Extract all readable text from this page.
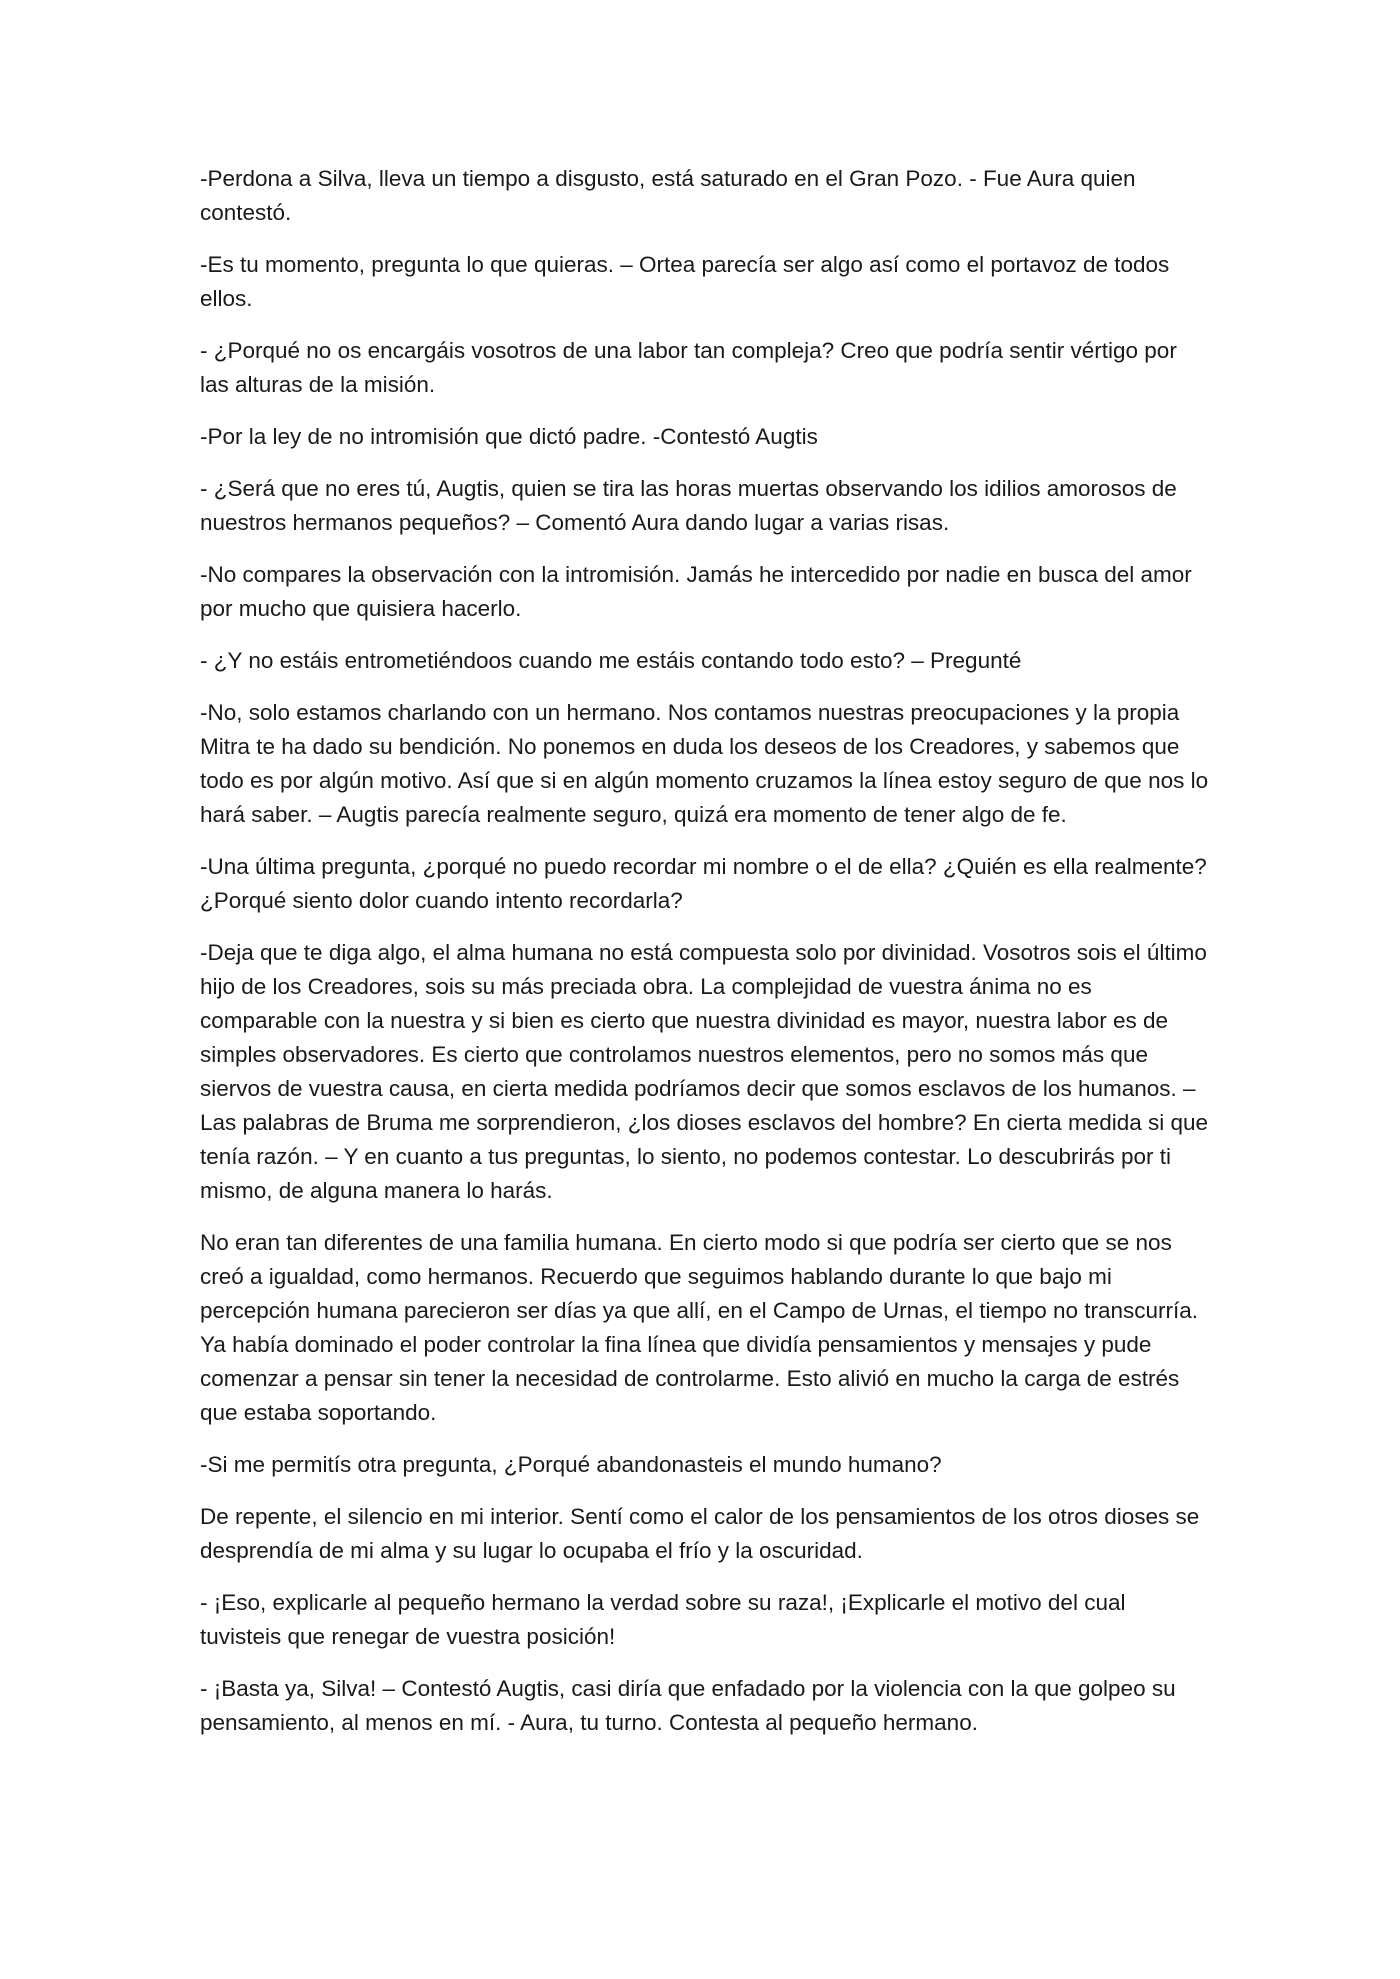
-Perdona a Silva, lleva un tiempo a disgusto, está saturado en el Gran Pozo. - Fue Aura quien contestó.

-Es tu momento, pregunta lo que quieras. – Ortea parecía ser algo así como el portavoz de todos ellos.

- ¿Porqué no os encargáis vosotros de una labor tan compleja? Creo que podría sentir vértigo por las alturas de la misión.

-Por la ley de no intromisión que dictó padre. -Contestó Augtis

- ¿Será que no eres tú, Augtis, quien se tira las horas muertas observando los idilios amorosos de nuestros hermanos pequeños? – Comentó Aura dando lugar a varias risas.

-No compares la observación con la intromisión. Jamás he intercedido por nadie en busca del amor por mucho que quisiera hacerlo.

- ¿Y no estáis entrometiéndoos cuando me estáis contando todo esto? – Pregunté

-No, solo estamos charlando con un hermano. Nos contamos nuestras preocupaciones y la propia Mitra te ha dado su bendición. No ponemos en duda los deseos de los Creadores, y sabemos que todo es por algún motivo. Así que si en algún momento cruzamos la línea estoy seguro de que nos lo hará saber. – Augtis parecía realmente seguro, quizá era momento de tener algo de fe.

-Una última pregunta, ¿porqué no puedo recordar mi nombre o el de ella? ¿Quién es ella realmente? ¿Porqué siento dolor cuando intento recordarla?

-Deja que te diga algo, el alma humana no está compuesta solo por divinidad. Vosotros sois el último hijo de los Creadores, sois su más preciada obra. La complejidad de vuestra ánima no es comparable con la nuestra y si bien es cierto que nuestra divinidad es mayor, nuestra labor es de simples observadores. Es cierto que controlamos nuestros elementos, pero no somos más que siervos de vuestra causa, en cierta medida podríamos decir que somos esclavos de los humanos. – Las palabras de Bruma me sorprendieron, ¿los dioses esclavos del hombre? En cierta medida si que tenía razón. – Y en cuanto a tus preguntas, lo siento, no podemos contestar. Lo descubrirás por ti mismo, de alguna manera lo harás.

No eran tan diferentes de una familia humana. En cierto modo si que podría ser cierto que se nos creó a igualdad, como hermanos. Recuerdo que seguimos hablando durante lo que bajo mi percepción humana parecieron ser días ya que allí, en el Campo de Urnas, el tiempo no transcurría. Ya había dominado el poder controlar la fina línea que dividía pensamientos y mensajes y pude comenzar a pensar sin tener la necesidad de controlarme. Esto alivió en mucho la carga de estrés que estaba soportando.

-Si me permitís otra pregunta, ¿Porqué abandonasteis el mundo humano?

De repente, el silencio en mi interior. Sentí como el calor de los pensamientos de los otros dioses se desprendía de mi alma y su lugar lo ocupaba el frío y la oscuridad.

- ¡Eso, explicarle al pequeño hermano la verdad sobre su raza!, ¡Explicarle el motivo del cual tuvisteis que renegar de vuestra posición!

- ¡Basta ya, Silva! – Contestó Augtis, casi diría que enfadado por la violencia con la que golpeo su pensamiento, al menos en mí. - Aura, tu turno. Contesta al pequeño hermano.
